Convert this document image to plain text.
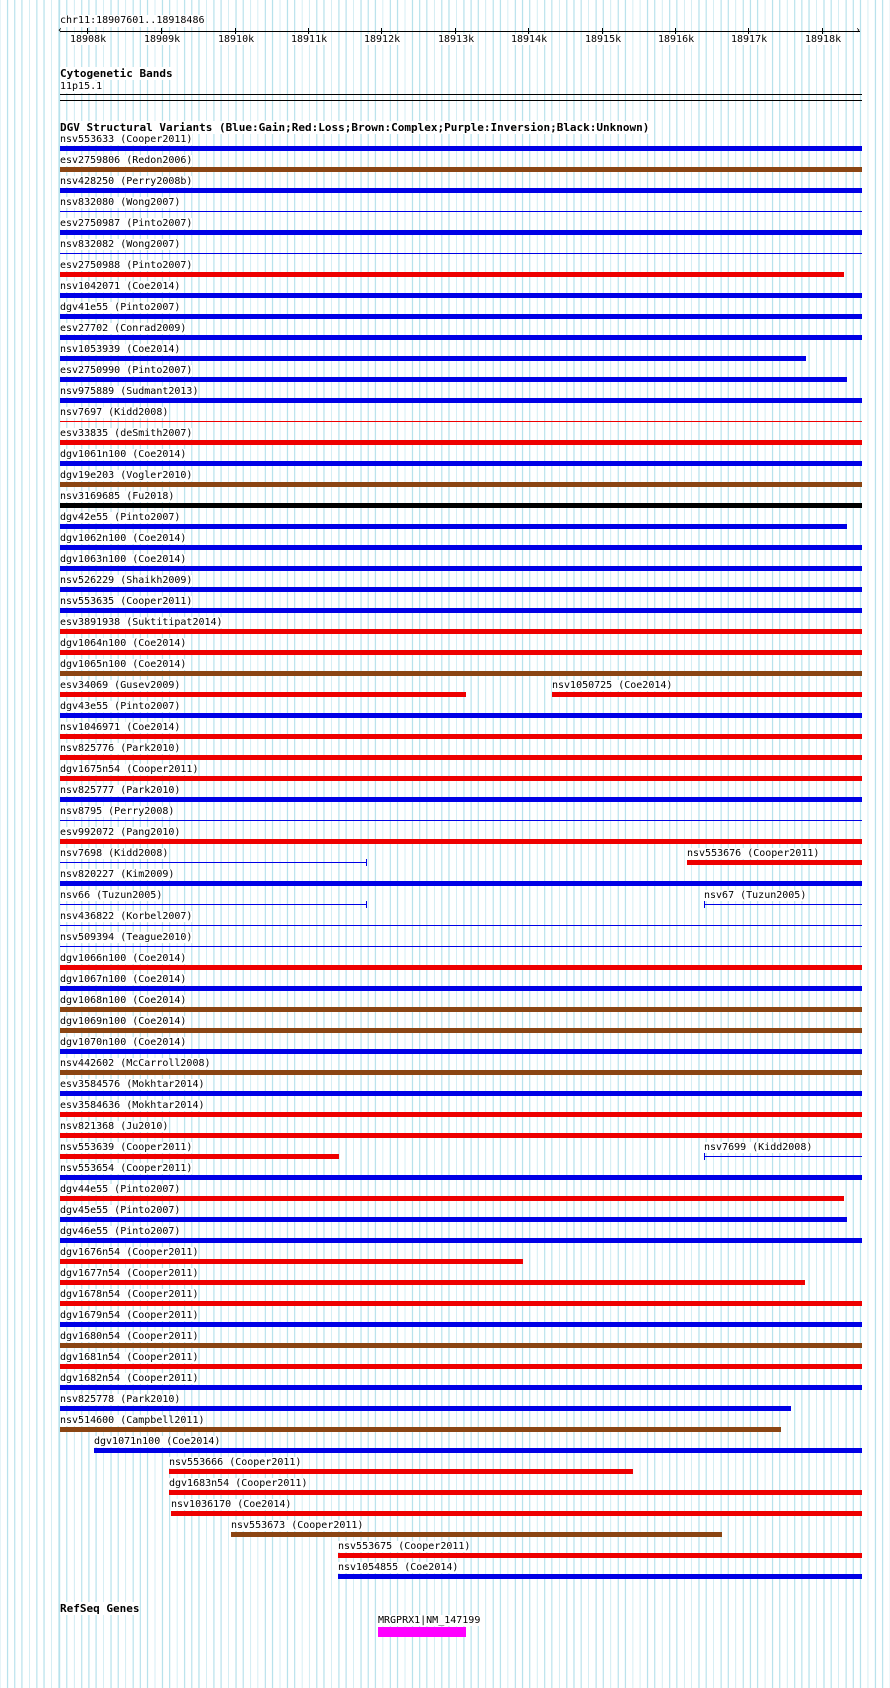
chr11:18907601..18918486
‹	›
18908k	18909k	18910k	18911k	18912k	18913k	18914k	18915k	18916k	18917k	18918k
Cytogenetic Bands
11p15.1
DGV Structural Variants (Blue:Gain;Red:Loss;Brown:Complex;Purple:Inversion;Black:Unknown)
nsv553633 (Cooper2011)
esv2759806 (Redon2006)
nsv428250 (Perry2008b)
nsv832080 (Wong2007)
esv2750987 (Pinto2007)
nsv832082 (Wong2007)
esv2750988 (Pinto2007)
nsv1042071 (Coe2014)
dgv41e55 (Pinto2007)
esv27702 (Conrad2009)
nsv1053939 (Coe2014)
esv2750990 (Pinto2007)
nsv975889 (Sudmant2013)
nsv7697 (Kidd2008)
esv33835 (deSmith2007)
dgv1061n100 (Coe2014)
dgv19e203 (Vogler2010)
nsv3169685 (Fu2018)
dgv42e55 (Pinto2007)
dgv1062n100 (Coe2014)
dgv1063n100 (Coe2014)
nsv526229 (Shaikh2009)
nsv553635 (Cooper2011)
esv3891938 (Suktitipat2014)
dgv1064n100 (Coe2014)
dgv1065n100 (Coe2014)
esv34069 (Gusev2009)	nsv1050725 (Coe2014)
dgv43e55 (Pinto2007)
nsv1046971 (Coe2014)
nsv825776 (Park2010)
dgv1675n54 (Cooper2011)
nsv825777 (Park2010)
nsv8795 (Perry2008)
esv992072 (Pang2010)
nsv7698 (Kidd2008)	nsv553676 (Cooper2011)
nsv820227 (Kim2009)
nsv66 (Tuzun2005)	nsv67 (Tuzun2005)
nsv436822 (Korbel2007)
nsv509394 (Teague2010)
dgv1066n100 (Coe2014)
dgv1067n100 (Coe2014)
dgv1068n100 (Coe2014)
dgv1069n100 (Coe2014)
dgv1070n100 (Coe2014)
nsv442602 (McCarroll2008)
esv3584576 (Mokhtar2014)
esv3584636 (Mokhtar2014)
nsv821368 (Ju2010)
nsv553639 (Cooper2011)	nsv7699 (Kidd2008)
nsv553654 (Cooper2011)
dgv44e55 (Pinto2007)
dgv45e55 (Pinto2007)
dgv46e55 (Pinto2007)
dgv1676n54 (Cooper2011)
dgv1677n54 (Cooper2011)
dgv1678n54 (Cooper2011)
dgv1679n54 (Cooper2011)
dgv1680n54 (Cooper2011)
dgv1681n54 (Cooper2011)
dgv1682n54 (Cooper2011)
nsv825778 (Park2010)
nsv514600 (Campbell2011)
dgv1071n100 (Coe2014)
nsv553666 (Cooper2011)
dgv1683n54 (Cooper2011)
nsv1036170 (Coe2014)
nsv553673 (Cooper2011)
nsv553675 (Cooper2011)
nsv1054855 (Coe2014)
RefSeq Genes
MRGPRX1|NM_147199
